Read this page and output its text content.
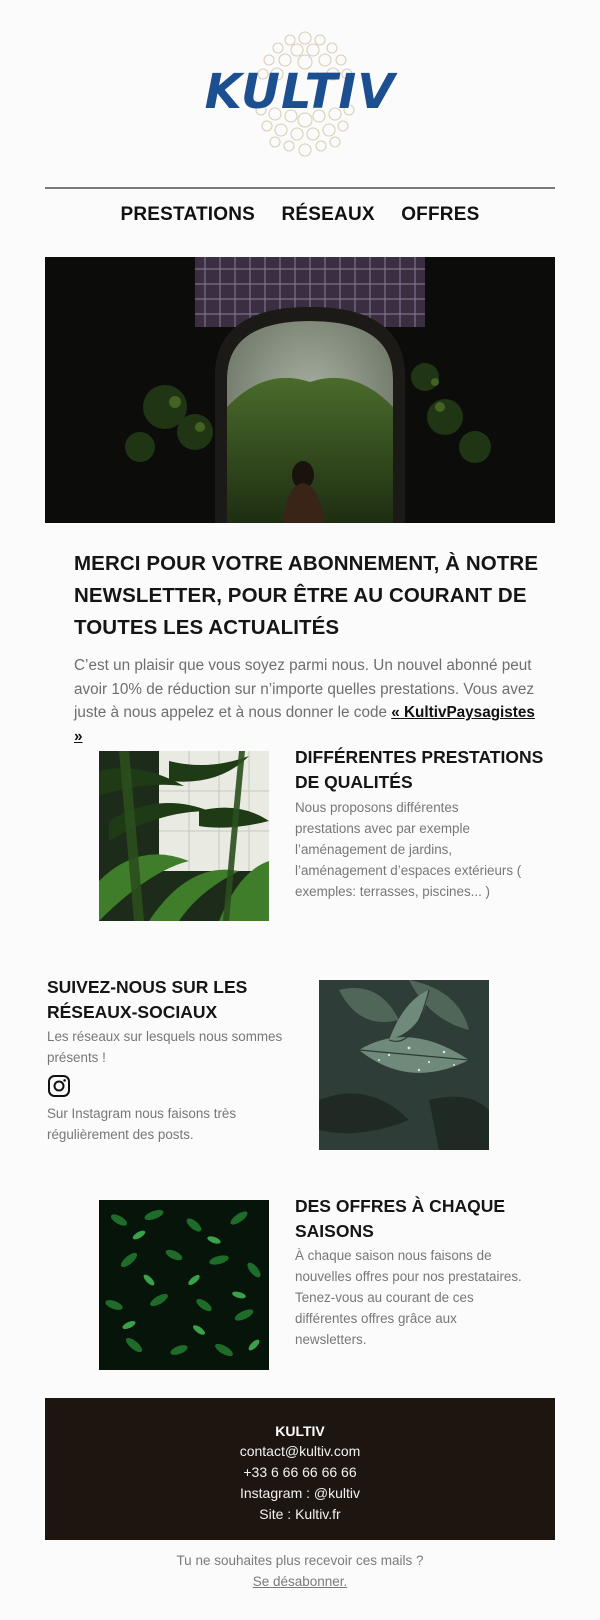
KULTIV
PRESTATIONS RÉSEAUX OFFRES
MERCI POUR VOTRE ABONNEMENT, À NOTRE NEWSLETTER, POUR ÊTRE AU COURANT DE TOUTES LES ACTUALITÉS

C’est un plaisir que vous soyez parmi nous. Un nouvel abonné peut avoir 10% de réduction sur n’importe quelles prestations. Vous avez juste à nous appelez et à nous donner le code « KultivPaysagistes »

DIFFÉRENTES PRESTATIONS DE QUALITÉS
Nous proposons différentes prestations avec par exemple l’aménagement de jardins, l’aménagement d’espaces extérieurs ( exemples: terrasses, piscines... )
SUIVEZ-NOUS SUR LES RÉSEAUX-SOCIAUX
Les réseaux sur lesquels nous sommes présents !
Sur Instagram nous faisons très régulièrement des posts.
DES OFFRES À CHAQUE SAISONS
À chaque saison nous faisons de nouvelles offres pour nos prestataires. Tenez-vous au courant de ces différentes offres grâce aux newsletters.
KULTIV
contact@kultiv.com
+33 6 66 66 66 66
Instagram : @kultiv
Site : Kultiv.fr
Tu ne souhaites plus recevoir ces mails ?
Se désabonner.
